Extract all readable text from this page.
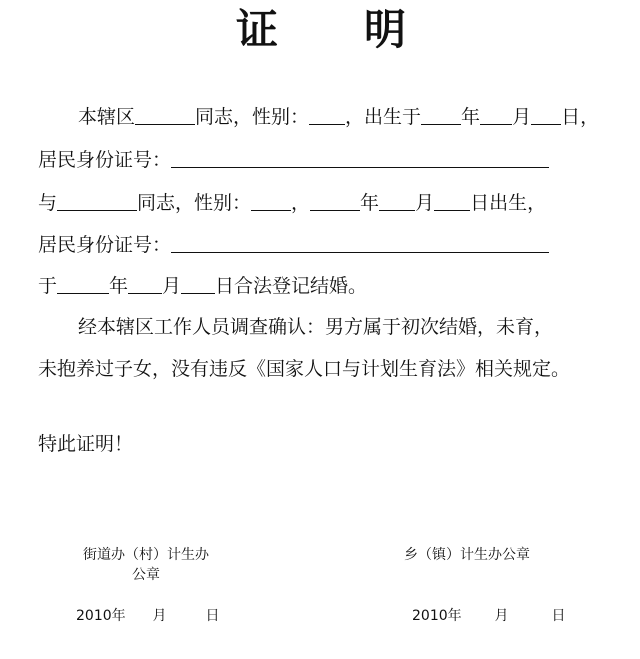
证 明
本辖区	同志，性别： ，出生于 年 月 日，
居民身份证号：
与	同志，性别： ，	年 月 日出生，
居民身份证号：
于	年 月 日合法登记结婚。
经本辖区工作人员调查确认：男方属于初次结婚，未育，
未抱养过子女，没有违反《国家人口与计划生育法》相关规定。
特此证明！
街道办（村）计生办
公章
乡（镇）计生办公章
2010年 月	日	2010年 月	日
